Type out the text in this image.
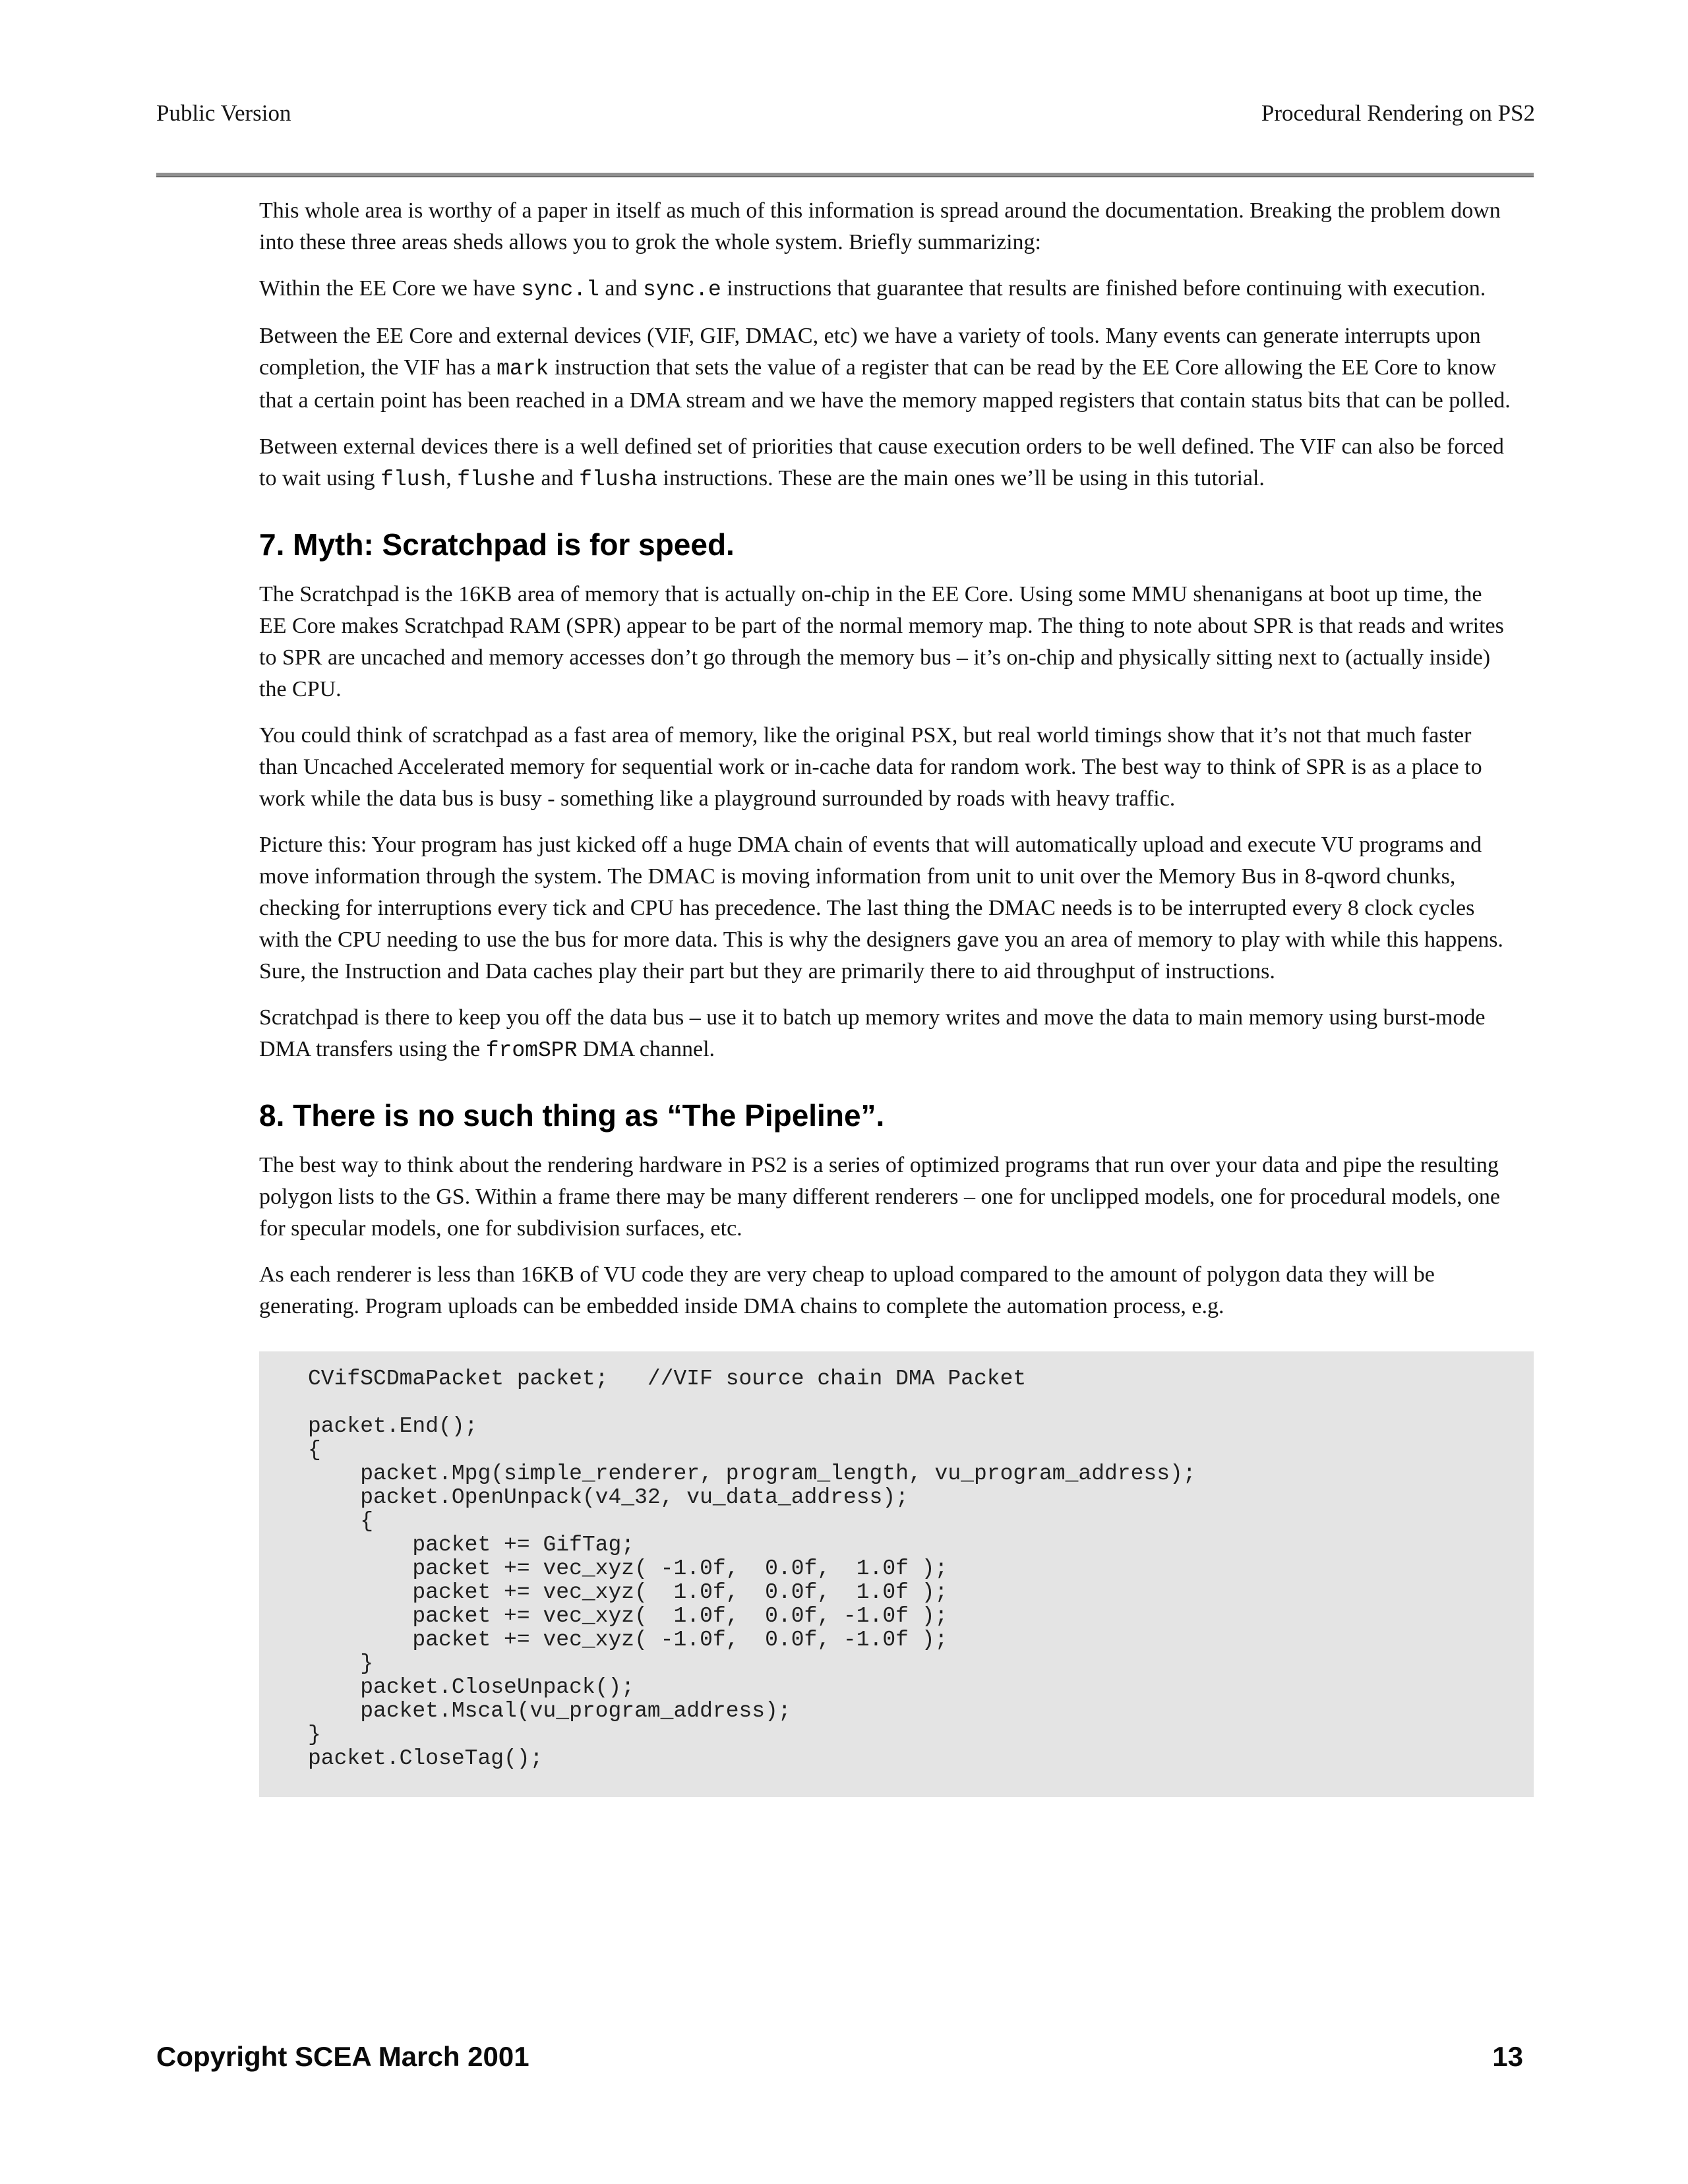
Public Version	Procedural Rendering on PS2

This whole area is worthy of a paper in itself as much of this information is spread around the documentation. Breaking the problem down into these three areas sheds allows you to grok the whole system. Briefly summarizing:

Within the EE Core we have sync.l and sync.e instructions that guarantee that results are finished before continuing with execution.

Between the EE Core and external devices (VIF, GIF, DMAC, etc) we have a variety of tools. Many events can generate interrupts upon completion, the VIF has a mark instruction that sets the value of a register that can be read by the EE Core allowing the EE Core to know that a certain point has been reached in a DMA stream and we have the memory mapped registers that contain status bits that can be polled.

Between external devices there is a well defined set of priorities that cause execution orders to be well defined. The VIF can also be forced to wait using flush, flushe and flusha instructions. These are the main ones we’ll be using in this tutorial.

7. Myth: Scratchpad is for speed.

The Scratchpad is the 16KB area of memory that is actually on-chip in the EE Core. Using some MMU shenanigans at boot up time, the EE Core makes Scratchpad RAM (SPR) appear to be part of the normal memory map. The thing to note about SPR is that reads and writes to SPR are uncached and memory accesses don’t go through the memory bus – it’s on-chip and physically sitting next to (actually inside) the CPU.

You could think of scratchpad as a fast area of memory, like the original PSX, but real world timings show that it’s not that much faster than Uncached Accelerated memory for sequential work or in-cache data for random work. The best way to think of SPR is as a place to work while the data bus is busy - something like a playground surrounded by roads with heavy traffic.

Picture this: Your program has just kicked off a huge DMA chain of events that will automatically upload and execute VU programs and move information through the system. The DMAC is moving information from unit to unit over the Memory Bus in 8-qword chunks, checking for interruptions every tick and CPU has precedence. The last thing the DMAC needs is to be interrupted every 8 clock cycles with the CPU needing to use the bus for more data. This is why the designers gave you an area of memory to play with while this happens. Sure, the Instruction and Data caches play their part but they are primarily there to aid throughput of instructions.

Scratchpad is there to keep you off the data bus – use it to batch up memory writes and move the data to main memory using burst-mode DMA transfers using the fromSPR DMA channel.

8. There is no such thing as “The Pipeline”.

The best way to think about the rendering hardware in PS2 is a series of optimized programs that run over your data and pipe the resulting polygon lists to the GS. Within a frame there may be many different renderers – one for unclipped models, one for procedural models, one for specular models, one for subdivision surfaces, etc.

As each renderer is less than 16KB of VU code they are very cheap to upload compared to the amount of polygon data they will be generating. Program uploads can be embedded inside DMA chains to complete the automation process, e.g.

CVifSCDmaPacket packet;   //VIF source chain DMA Packet

packet.End();
{
packet.Mpg(simple_renderer, program_length, vu_program_address);
packet.OpenUnpack(v4_32, vu_data_address);
{
packet += GifTag;
packet += vec_xyz( -1.0f,  0.0f,  1.0f );
packet += vec_xyz(  1.0f,  0.0f,  1.0f );
packet += vec_xyz(  1.0f,  0.0f, -1.0f );
packet += vec_xyz( -1.0f,  0.0f, -1.0f );
}
packet.CloseUnpack();
packet.Mscal(vu_program_address);
}
packet.CloseTag();
Copyright SCEA March 2001	13
